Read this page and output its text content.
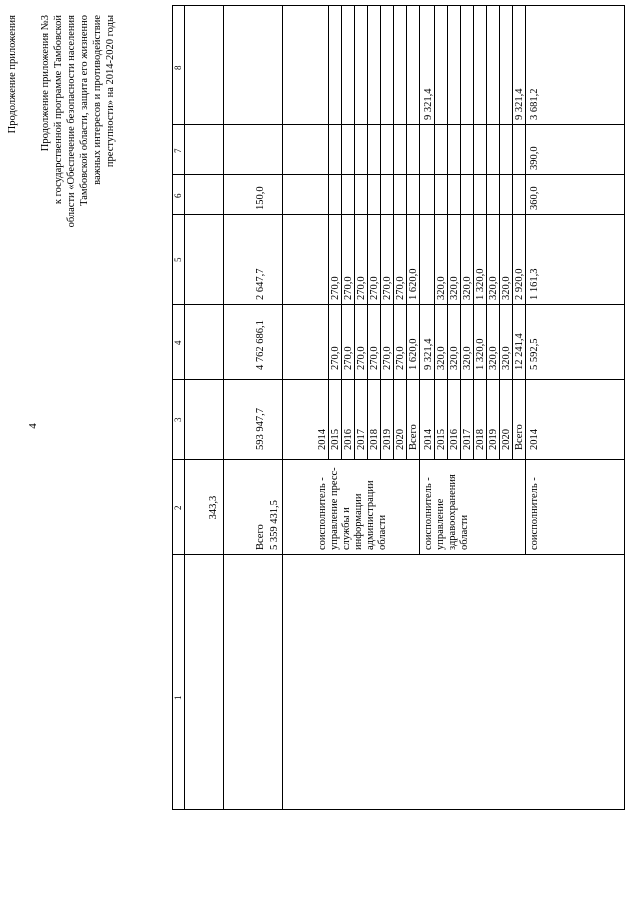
4
Продолжение приложения Продолжение приложения №3 к государственной программе Тамбовской области «Обеспечение безопасности населения Тамбовской области, защита его жизненно важных интересов и противодействие преступности» на 2014-2020 годы
1
2
3
4
5
6
7
8
343,3
Всего 5 359 431,5
593 947,7
4 762 686,1
2 647,7
150,0
соисполнитель - управление пресс- службы и информации администрации области
2014 2015 2016 2017 2018 2019 2020 Всего
270,0 270,0 270,0 270,0 270,0 270,0 1 620,0
270,0 270,0 270,0 270,0 270,0 270,0 1 620,0
соисполнитель - управление здравоохранения области
2014 2015 2016 2017 2018 2019 2020 Всего
9 321,4 320,0 320,0 320,0 1 320,0 320,0 320,0 12 241,4
320,0 320,0 320,0 1 320,0 320,0 320,0 2 920,0
9 321,4	9 321,4
соисполнитель -
2014
5 592,5
1 161,3
360,0
390,0
3 681,2
